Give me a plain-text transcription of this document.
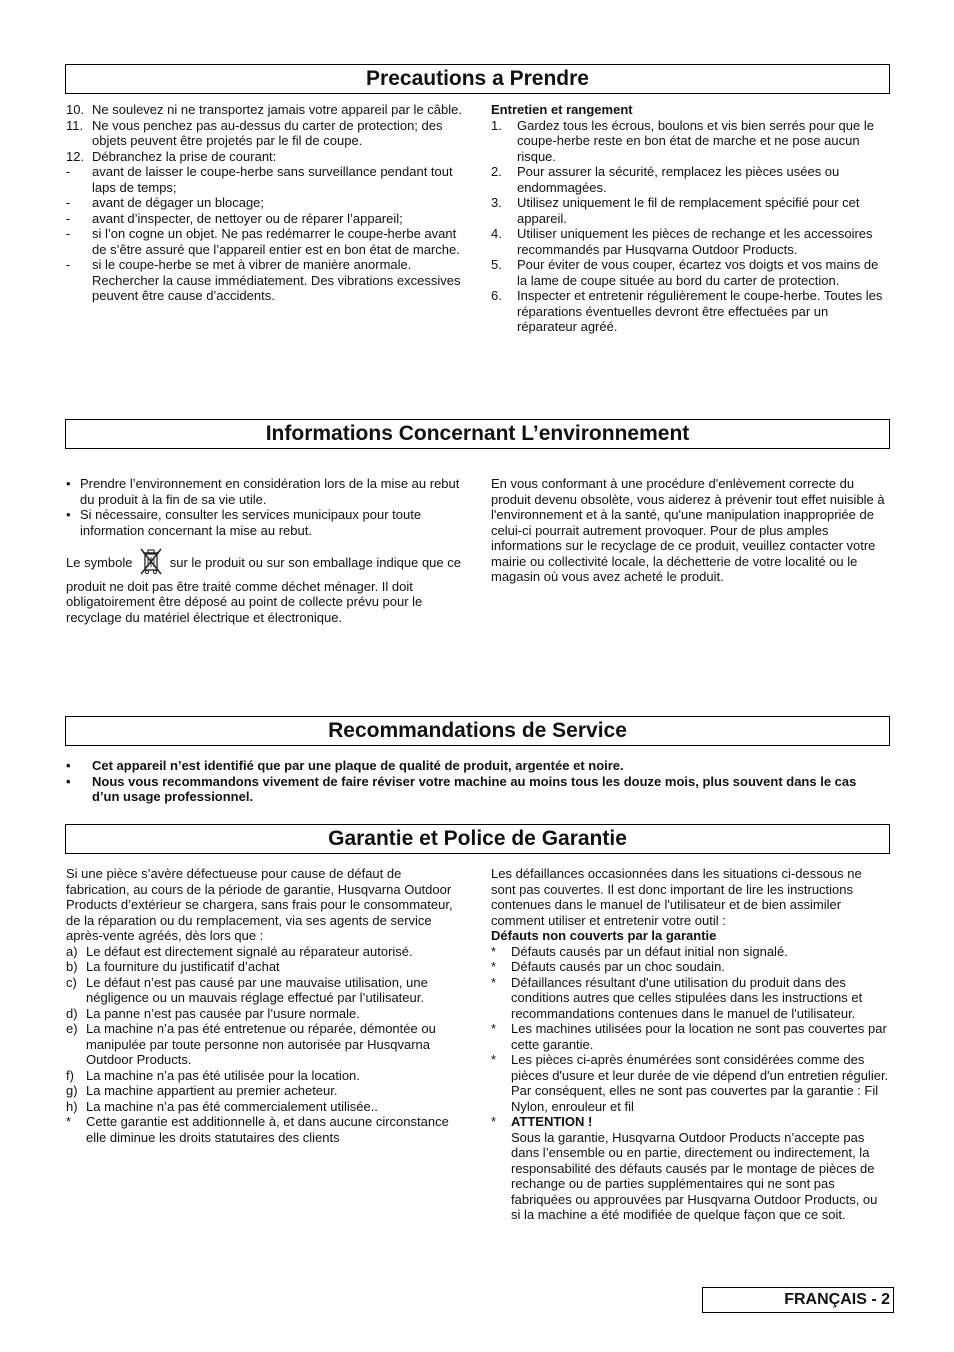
Precautions a Prendre
10. Ne soulevez ni ne transportez jamais votre appareil par le câble.
11. Ne vous penchez pas au-dessus du carter de protection; des objets peuvent être projetés par le fil de coupe.
12. Débranchez la prise de courant:
-	avant de laisser le coupe-herbe sans surveillance pendant tout laps de temps;
-	avant de dégager un blocage;
-	avant d’inspecter, de nettoyer ou de réparer l’appareil;
-	si l’on cogne un objet. Ne pas redémarrer le coupe-herbe avant de s’être assuré que l’appareil entier est en bon état de marche.
-	si le coupe-herbe se met à vibrer de manière anormale. Rechercher la cause immédiatement. Des vibrations excessives peuvent être cause d’accidents.

Entretien et rangement

1.	Gardez tous les écrous, boulons et vis bien serrés pour que le coupe-herbe reste en bon état de marche et ne pose aucun risque.
2.	Pour assurer la sécurité, remplacez les pièces usées ou endommagées.
3.	Utilisez uniquement le fil de remplacement spécifié pour cet appareil.
4.	Utiliser uniquement les pièces de rechange et les accessoires recommandés par Husqvarna Outdoor Products.
5.	Pour éviter de vous couper, écartez vos doigts et vos mains de la lame de coupe située au bord du carter de protection.
6.	Inspecter et entretenir régulièrement le coupe-herbe. Toutes les réparations éventuelles devront être effectuées par un réparateur agréé.
Informations Concernant L’environnement
• Prendre l’environnement en considération lors de la mise au rebut du produit à la fin de sa vie utile.
• Si nécessaire, consulter les services municipaux pour toute information concernant la mise au rebut.

Le symbole	sur le produit ou sur son emballage indique que ce produit ne doit pas être traité comme déchet ménager. Il doit obligatoirement être déposé au point de collecte prévu pour le recyclage du matériel électrique et électronique.

En vous conformant à une procédure d'enlèvement correcte du produit devenu obsolète, vous aiderez à prévenir tout effet nuisible à l'environnement et à la santé, qu'une manipulation inappropriée de celui-ci pourrait autrement provoquer. Pour de plus amples informations sur le recyclage de ce produit, veuillez contacter votre mairie ou collectivité locale, la déchetterie de votre localité ou le magasin où vous avez acheté le produit.

Recommandations de Service
•	Cet appareil n’est identifié que par une plaque de qualité de produit, argentée et noire.
•	Nous vous recommandons vivement de faire réviser votre machine au moins tous les douze mois, plus souvent dans le cas d’un usage professionnel.
Garantie et Police de Garantie

Si une pièce s’avère défectueuse pour cause de défaut de fabrication, au cours de la période de garantie, Husqvarna Outdoor Products d’extérieur se chargera, sans frais pour le consommateur, de la réparation ou du remplacement, via ses agents de service après-vente agréés, dès lors que :

a) Le défaut est directement signalé au réparateur autorisé.
b) La fourniture du justificatif d’achat
c) Le défaut n’est pas causé par une mauvaise utilisation, une négligence ou un mauvais réglage effectué par l’utilisateur.
d) La panne n’est pas causée par l’usure normale.
e) La machine n’a pas été entretenue ou réparée, démontée ou manipulée par toute personne non autorisée par Husqvarna Outdoor Products.
f) La machine n’a pas été utilisée pour la location.
g) La machine appartient au premier acheteur.
h) La machine n’a pas été commercialement utilisée..
*	Cette garantie est additionnelle à, et dans aucune circonstance elle diminue les droits statutaires des clients

Les défaillances occasionnées dans les situations ci-dessous ne sont pas couvertes. Il est donc important de lire les instructions contenues dans le manuel de l'utilisateur et de bien assimiler comment utiliser et entretenir votre outil :

Défauts non couverts par la garantie

*	Défauts causés par un défaut initial non signalé.
*	Défauts causés par un choc soudain.
*	Défaillances résultant d'une utilisation du produit dans des conditions autres que celles stipulées dans les instructions et recommandations contenues dans le manuel de l'utilisateur.
*	Les machines utilisées pour la location ne sont pas couvertes par cette garantie.
*	Les pièces ci-après énumérées sont considérées comme des pièces d'usure et leur durée de vie dépend d'un entretien régulier. Par conséquent, elles ne sont pas couvertes par la garantie : Fil Nylon, enrouleur et fil
*	ATTENTION !
Sous la garantie, Husqvarna Outdoor Products n’accepte pas dans l’ensemble ou en partie, directement ou indirectement, la responsabilité des défauts causés par le montage de pièces de rechange ou de parties supplémentaires qui ne sont pas fabriquées ou approuvées par Husqvarna Outdoor Products, ou si la machine a été modifiée de quelque façon que ce soit.
FRANÇAIS - 2
